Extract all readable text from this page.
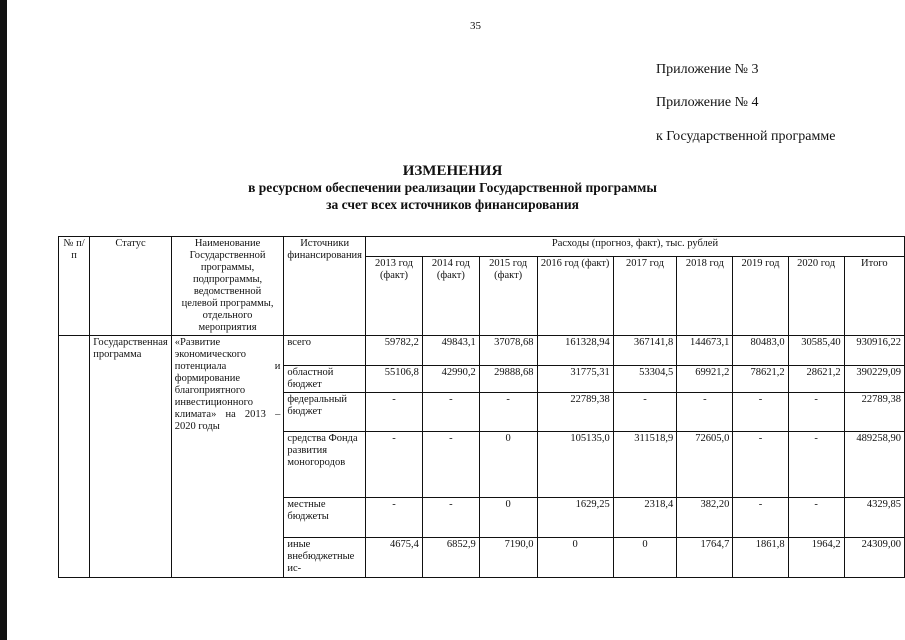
35
Приложение № 3
Приложение № 4
к Государственной программе
ИЗМЕНЕНИЯ
в ресурсном обеспечении реализации Государственной программы
за счет всех источников финансирования
№ п/п	Статус	Наименование Государственной программы, подпрограммы, ведомственной целевой программы, отдельного мероприятия	Источники финансирования	Расходы (прогноз, факт), тыс. рублей								
				2013 год (факт)	2014 год (факт)	2015 год (факт)	2016 год (факт)	2017 год	2018 год	2019 год	2020 год	Итого
	Государственная программа	«Развитие экономического потенциала и формирование благоприятного инвестиционного климата» на 2013 – 2020 годы	всего	59782,2	49843,1	37078,68	161328,94	367141,8	144673,1	80483,0	30585,40	930916,22
			областной бюджет	55106,8	42990,2	29888,68	31775,31	53304,5	69921,2	78621,2	28621,2	390229,09
			федеральный бюджет	-	-	-	22789,38	-	-	-	-	22789,38
			средства Фонда развития моногородов	-	-	0	105135,0	311518,9	72605,0	-	-	489258,90
			местные бюджеты	-	-	0	1629,25	2318,4	382,20	-	-	4329,85
			иные внебюджетные ис-	4675,4	6852,9	7190,0	0	0	1764,7	1861,8	1964,2	24309,00
